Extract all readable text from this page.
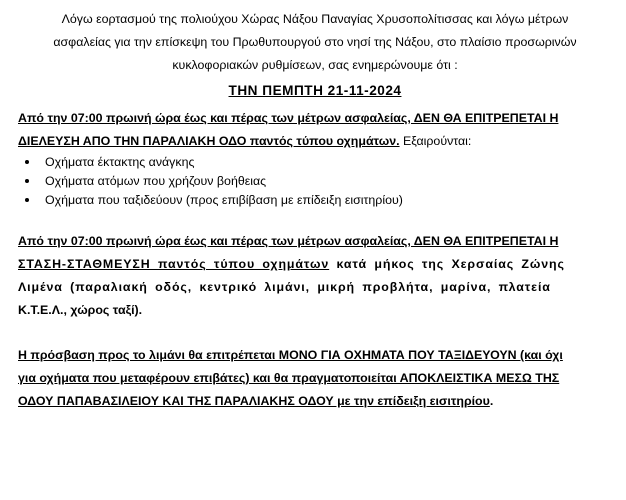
Λόγω εορτασμού της πολιούχου Χώρας Νάξου Παναγίας Χρυσοπολίτισσας και λόγω μέτρων
ασφαλείας για την επίσκεψη του Πρωθυπουργού στο νησί της Νάξου, στο πλαίσιο προσωρινών
κυκλοφοριακών ρυθμίσεων, σας ενημερώνουμε ότι :

ΤΗΝ ΠΕΜΠΤΗ 21-11-2024

Από την 07:00 πρωινή ώρα έως και πέρας των μέτρων ασφαλείας, ΔΕΝ ΘΑ ΕΠΙΤΡΕΠΕΤΑΙ Η
ΔΙΕΛΕΥΣΗ ΑΠΟ ΤΗΝ ΠΑΡΑΛΙΑΚΗ ΟΔΟ παντός τύπου οχημάτων. Εξαιρούνται:

Οχήματα έκτακτης ανάγκης
Οχήματα ατόμων που χρήζουν βοήθειας
Οχήματα που ταξιδεύουν (προς επιβίβαση με επίδειξη εισιτηρίου)

Από την 07:00 πρωινή ώρα έως και πέρας των μέτρων ασφαλείας, ΔΕΝ ΘΑ ΕΠΙΤΡΕΠΕΤΑΙ Η
ΣΤΑΣΗ-ΣΤΑΘΜΕΥΣΗ παντός τύπου οχημάτων κατά μήκος της Χερσαίας Ζώνης
Λιμένα (παραλιακή οδός, κεντρικό λιμάνι, μικρή προβλήτα, μαρίνα, πλατεία
Κ.Τ.Ε.Λ., χώρος ταξί).

Η πρόσβαση προς το λιμάνι θα επιτρέπεται ΜΟΝΟ ΓΙΑ ΟΧΗΜΑΤΑ ΠΟΥ ΤΑΞΙΔΕΥΟΥΝ (και όχι
για οχήματα που μεταφέρουν επιβάτες) και θα πραγματοποιείται ΑΠΟΚΛΕΙΣΤΙΚΑ ΜΕΣΩ ΤΗΣ
ΟΔΟΥ ΠΑΠΑΒΑΣΙΛΕΙΟΥ ΚΑΙ ΤΗΣ ΠΑΡΑΛΙΑΚΗΣ ΟΔΟΥ με την επίδειξη εισιτηρίου.
